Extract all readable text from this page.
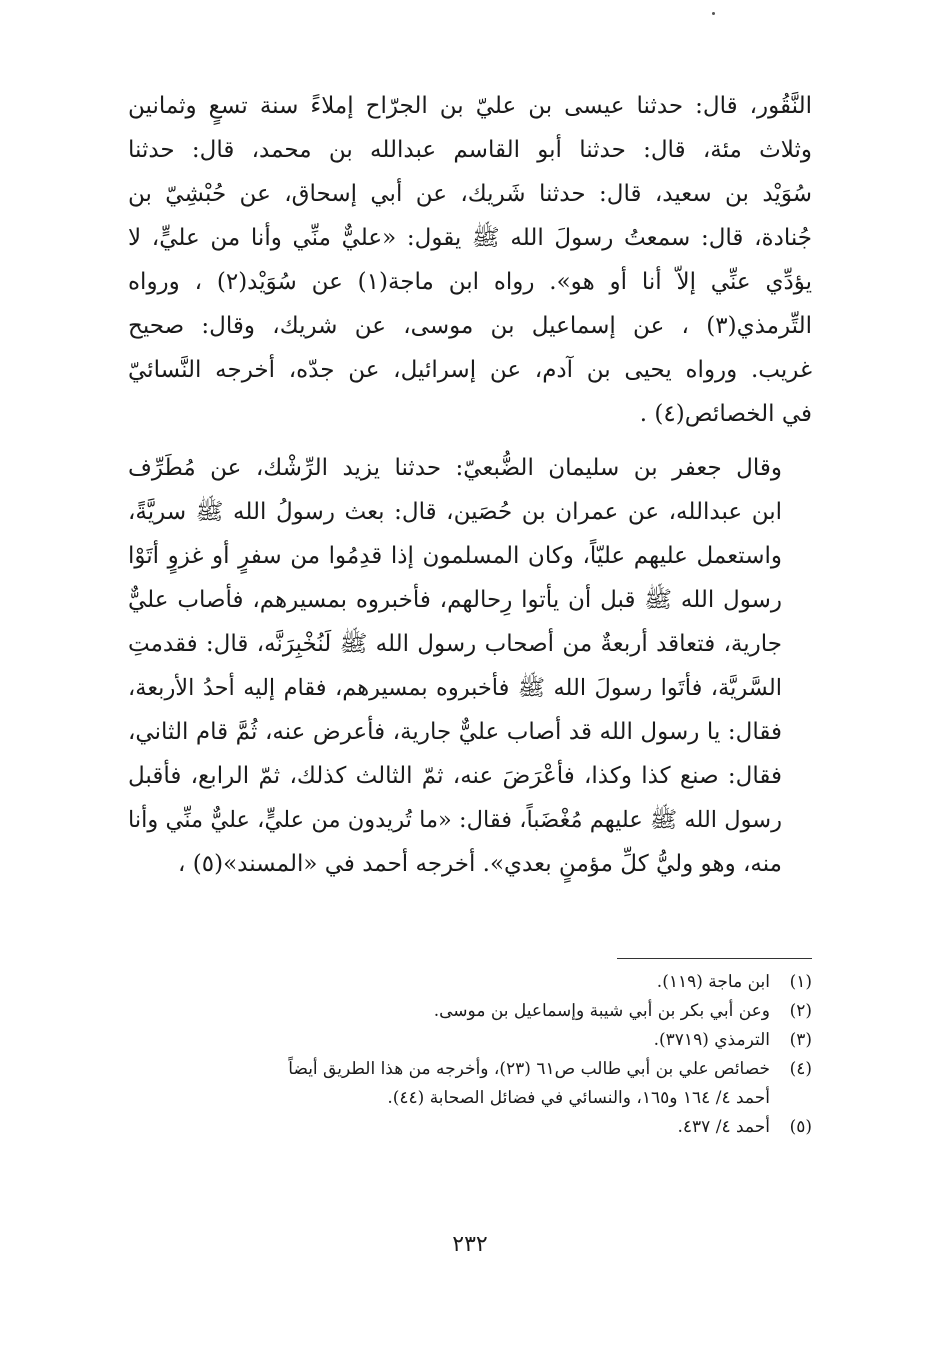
النَّقُور، قال: حدثنا عيسى بن عليّ بن الجرّاح إملاءً سنة تسعٍ وثمانين
وثلاث مئة، قال: حدثنا أبو القاسم عبدالله بن محمد، قال: حدثنا
سُوَيْد بن سعيد، قال: حدثنا شَريك، عن أبي إسحاق، عن حُبْشِيّ بن
جُنادة، قال: سمعتُ رسولَ الله ﷺ يقول: «عليٌّ منِّي وأنا من عليٍّ، لا
يؤدِّي عنِّي إلاّ أنا أو هو». رواه ابن ماجة(١) عن سُوَيْد(٢) ، ورواه
التِّرمذي(٣) ، عن إسماعيل بن موسى، عن شريك، وقال: صحيح
غريب. ورواه يحيى بن آدم، عن إسرائيل، عن جدّه، أخرجه النَّسائيّ
في الخصائص(٤) .

وقال جعفر بن سليمان الضُّبعيّ: حدثنا يزيد الرِّشْك، عن مُطَرِّف
ابن عبدالله، عن عمران بن حُصَين، قال: بعث رسولُ الله ﷺ سريَّةً،
واستعمل عليهم عليّاً، وكان المسلمون إذا قدِمُوا من سفرٍ أو غزوٍ أتَوْا
رسول الله ﷺ قبل أن يأتوا رِحالهم، فأخبروه بمسيرهم، فأصاب عليٌّ
جارية، فتعاقد أربعةٌ من أصحاب رسول الله ﷺ لَنُخْبِرَنَّه، قال: فقدمتِ
السَّريَّة، فأتَوا رسولَ الله ﷺ فأخبروه بمسيرهم، فقام إليه أحدُ الأربعة،
فقال: يا رسول الله قد أصاب عليٌّ جارية، فأعرض عنه، ثُمَّ قام الثاني،
فقال: صنع كذا وكذا، فأعْرَضَ عنه، ثمّ الثالث كذلك، ثمّ الرابع، فأقبل
رسول الله ﷺ عليهم مُغْضَباً، فقال: «ما تُريدون من عليٍّ، عليٌّ منِّي وأنا
منه، وهو وليُّ كلِّ مؤمنٍ بعدي». أخرجه أحمد في «المسند»(٥) ،

(١)
ابن ماجة (١١٩).
(٢)
وعن أبي بكر بن أبي شيبة وإسماعيل بن موسى.
(٣)
الترمذي (٣٧١٩).
(٤)
خصائص علي بن أبي طالب ص٦١ (٢٣)، وأخرجه من هذا الطريق أيضاً
أحمد ٤/ ١٦٤ و١٦٥، والنسائي في فضائل الصحابة (٤٤).
(٥)
أحمد ٤/ ٤٣٧.
٢٣٢
